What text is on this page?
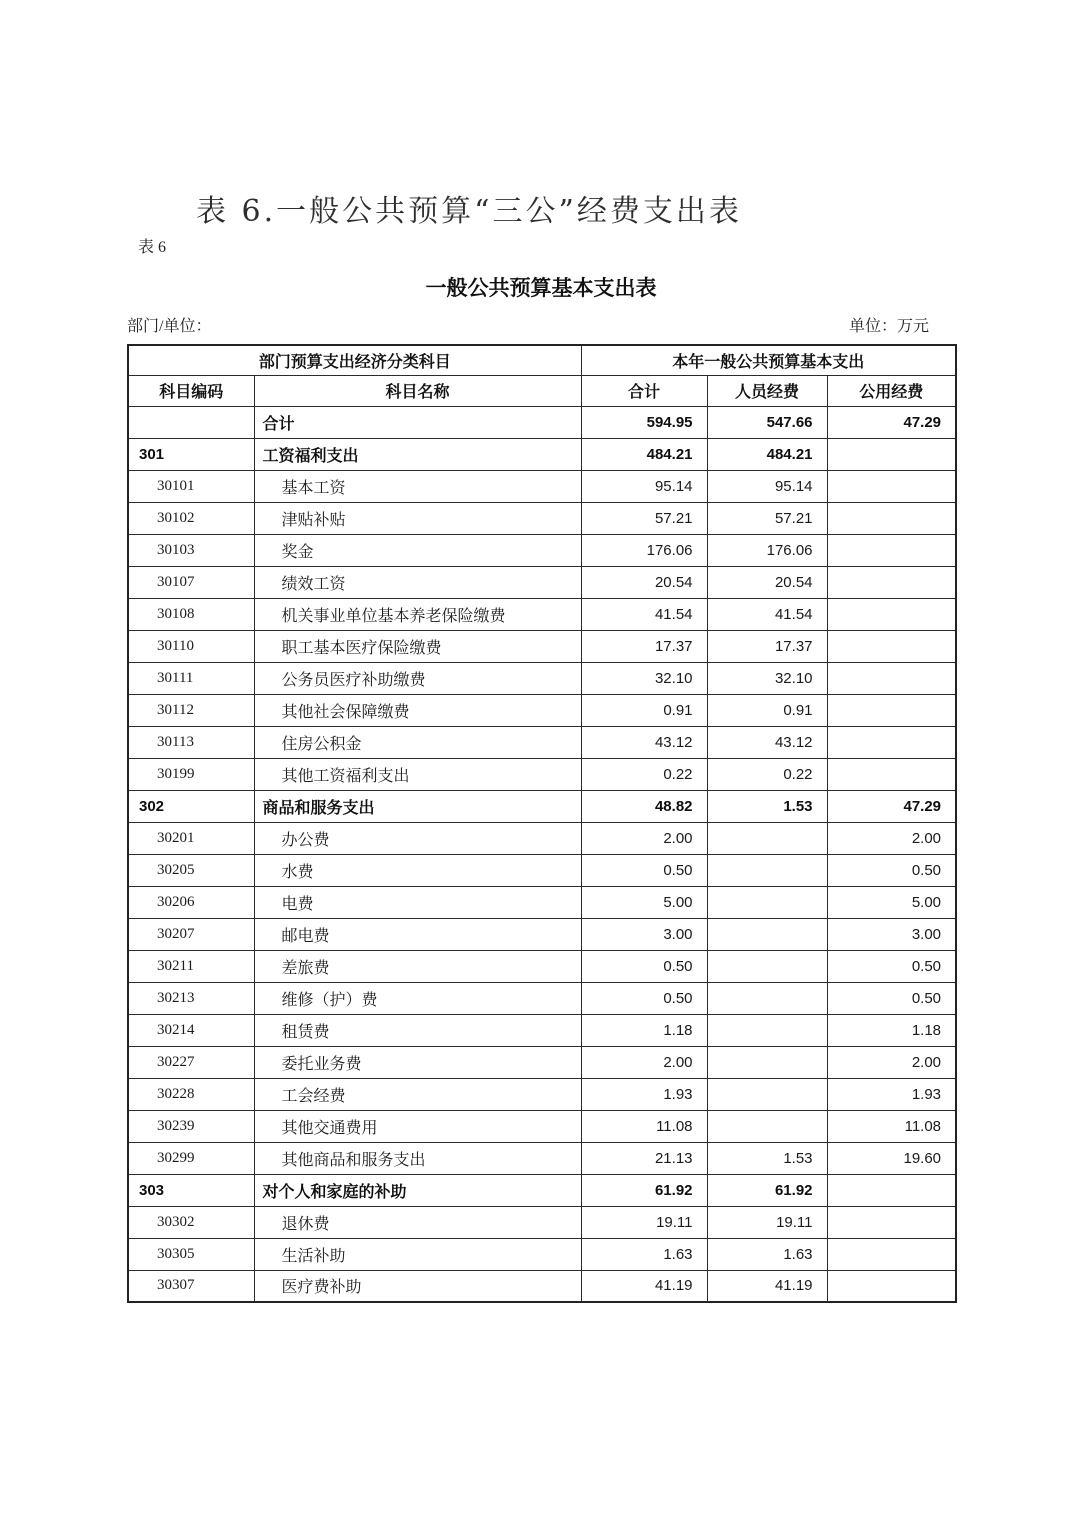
表 6.一般公共预算“三公”经费支出表
表 6
一般公共预算基本支出表
部门/单位：	单位：万元
部门预算支出经济分类科目		本年一般公共预算基本支出		
科目编码	科目名称	合计	人员经费	公用经费
	合计	594.95	547.66	47.29
301	工资福利支出	484.21	484.21	
30101	基本工资	95.14	95.14	
30102	津贴补贴	57.21	57.21	
30103	奖金	176.06	176.06	
30107	绩效工资	20.54	20.54	
30108	机关事业单位基本养老保险缴费	41.54	41.54	
30110	职工基本医疗保险缴费	17.37	17.37	
30111	公务员医疗补助缴费	32.10	32.10	
30112	其他社会保障缴费	0.91	0.91	
30113	住房公积金	43.12	43.12	
30199	其他工资福利支出	0.22	0.22	
302	商品和服务支出	48.82	1.53	47.29
30201	办公费	2.00		2.00
30205	水费	0.50		0.50
30206	电费	5.00		5.00
30207	邮电费	3.00		3.00
30211	差旅费	0.50		0.50
30213	维修（护）费	0.50		0.50
30214	租赁费	1.18		1.18
30227	委托业务费	2.00		2.00
30228	工会经费	1.93		1.93
30239	其他交通费用	11.08		11.08
30299	其他商品和服务支出	21.13	1.53	19.60
303	对个人和家庭的补助	61.92	61.92	
30302	退休费	19.11	19.11	
30305	生活补助	1.63	1.63	
30307	医疗费补助	41.19	41.19	
